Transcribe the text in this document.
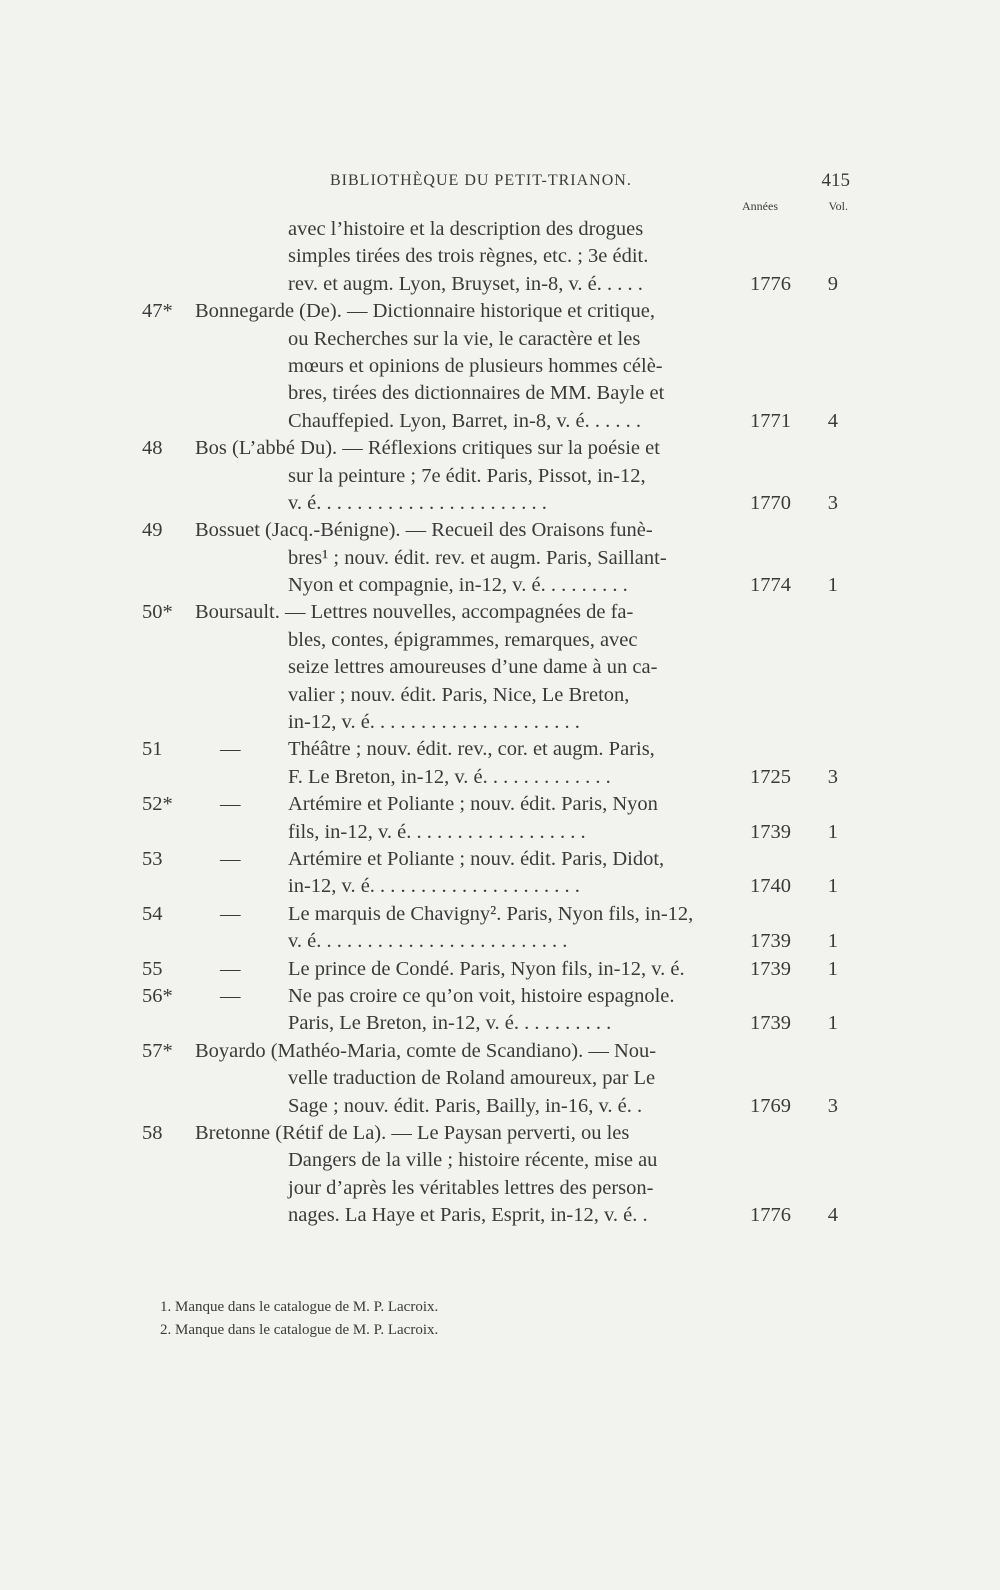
BIBLIOTHÈQUE DU PETIT-TRIANON.	415
Années	Vol.
avec l’histoire et la description des drogues
simples tirées des trois règnes, etc. ; 3e édit.
rev. et augm. Lyon, Bruyset, in-8, v. é. . . . .	1776 9
47* Bonnegarde (De). — Dictionnaire historique et critique,
ou Recherches sur la vie, le caractère et les
mœurs et opinions de plusieurs hommes célè-
bres, tirées des dictionnaires de MM. Bayle et
Chauffepied. Lyon, Barret, in-8, v. é. . . . . .	1771 4
48 Bos (L’abbé Du). — Réflexions critiques sur la poésie et
sur la peinture ; 7e édit. Paris, Pissot, in-12,
v. é. . . . . . . . . . . . . . . . . . . . . . .	1770 3
49 Bossuet (Jacq.-Bénigne). — Recueil des Oraisons funè-
bres¹ ; nouv. édit. rev. et augm. Paris, Saillant-
Nyon et compagnie, in-12, v. é. . . . . . . . .	1774 1
50* Boursault. — Lettres nouvelles, accompagnées de fa-
bles, contes, épigrammes, remarques, avec
seize lettres amoureuses d’une dame à un ca-
valier ; nouv. édit. Paris, Nice, Le Breton,
in-12, v. é. . . . . . . . . . . . . . . . . . . . .
51	— Théâtre ; nouv. édit. rev., cor. et augm. Paris,
F. Le Breton, in-12, v. é. . . . . . . . . . . . .	1725 3
52* — Artémire et Poliante ; nouv. édit. Paris, Nyon
fils, in-12, v. é. . . . . . . . . . . . . . . . . .	1739 1
53	— Artémire et Poliante ; nouv. édit. Paris, Didot,
in-12, v. é. . . . . . . . . . . . . . . . . . . . .	1740 1
54	— Le marquis de Chavigny². Paris, Nyon fils, in-12,
v. é. . . . . . . . . . . . . . . . . . . . . . . . .	1739 1
55	— Le prince de Condé. Paris, Nyon fils, in-12, v. é.	1739 1
56* — Ne pas croire ce qu’on voit, histoire espagnole.
Paris, Le Breton, in-12, v. é. . . . . . . . . .	1739 1
57* Boyardo (Mathéo-Maria, comte de Scandiano). — Nou-
velle traduction de Roland amoureux, par Le
Sage ; nouv. édit. Paris, Bailly, in-16, v. é. .	1769 3
58 Bretonne (Rétif de La). — Le Paysan perverti, ou les
Dangers de la ville ; histoire récente, mise au
jour d’après les véritables lettres des person-
nages. La Haye et Paris, Esprit, in-12, v. é. .	1776 4
1. Manque dans le catalogue de M. P. Lacroix.
2. Manque dans le catalogue de M. P. Lacroix.
